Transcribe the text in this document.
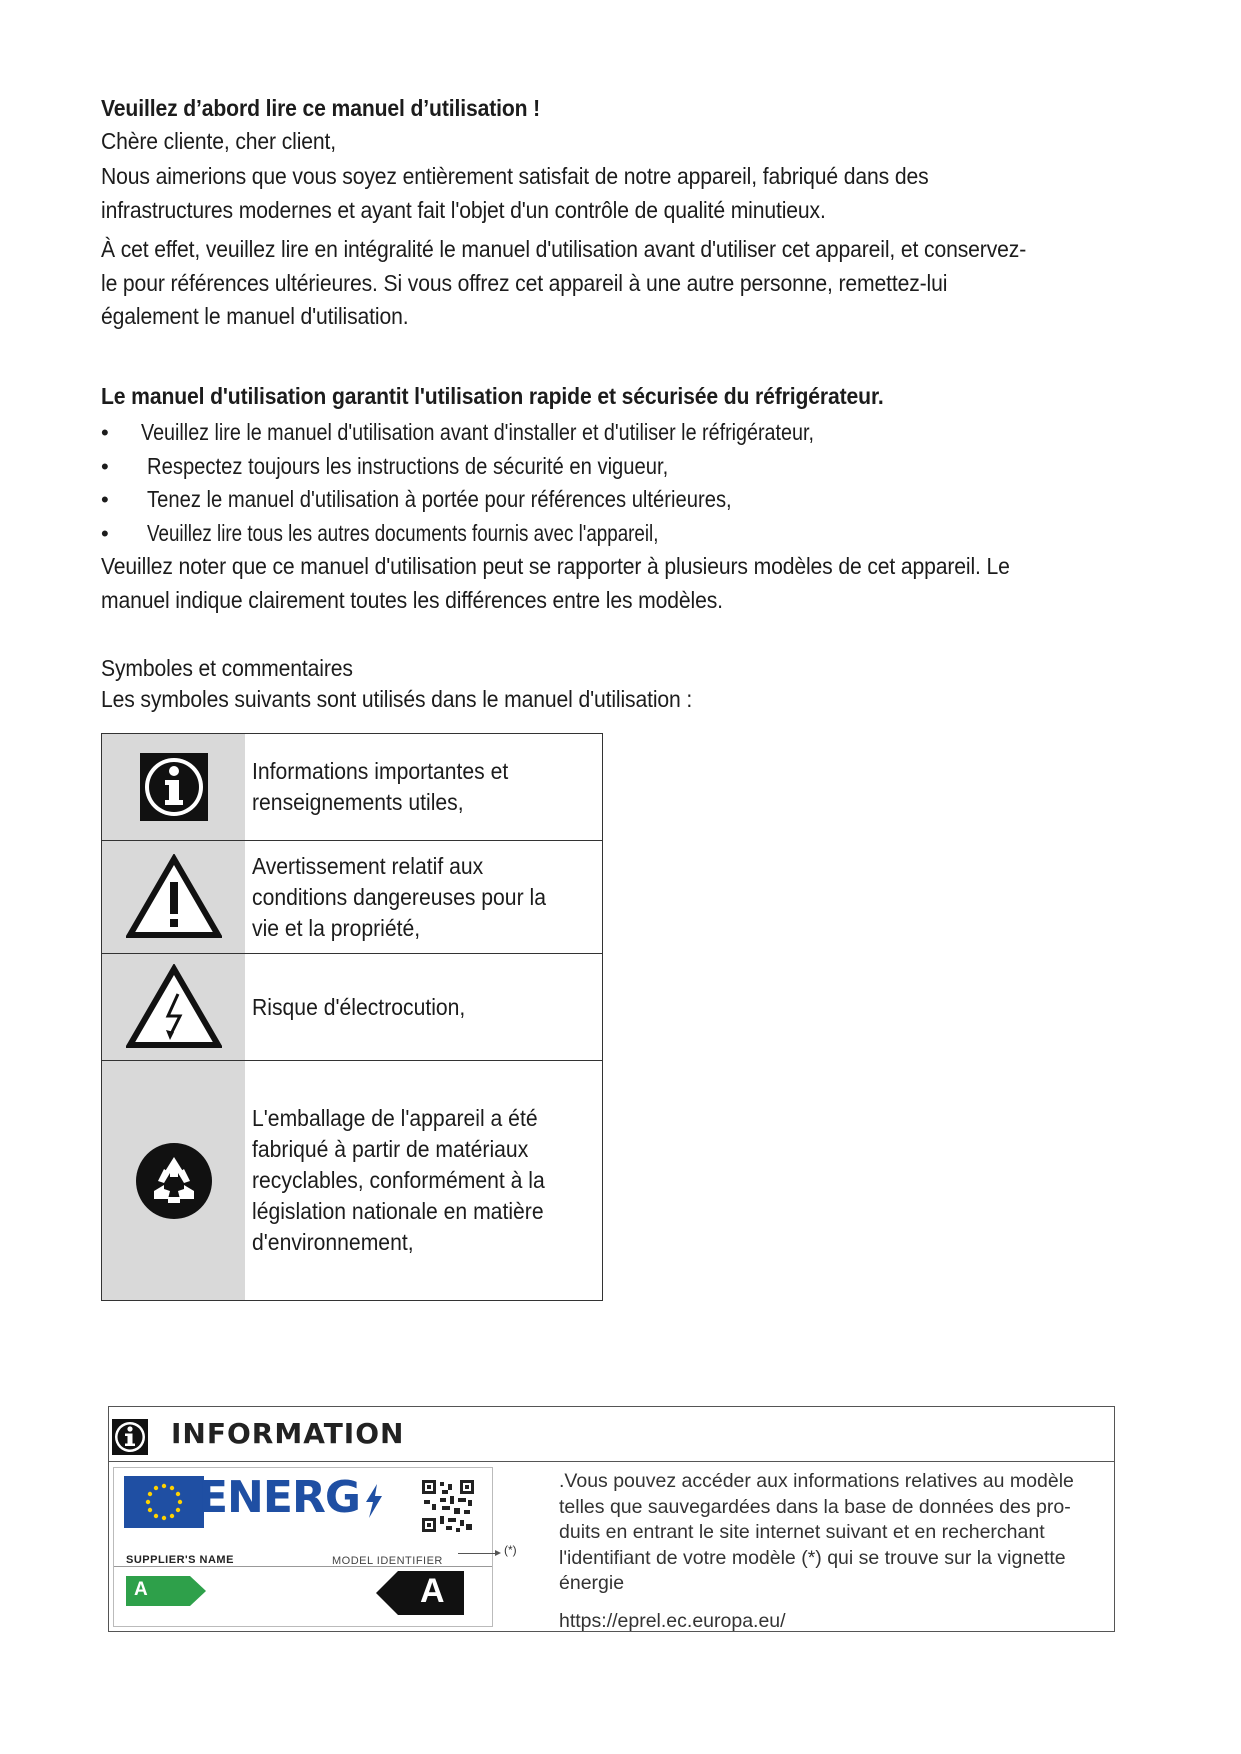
Veuillez d’abord lire ce manuel d’utilisation !
Chère cliente, cher client,
Nous aimerions que vous soyez entièrement satisfait de notre appareil, fabriqué dans des infrastructures modernes et ayant fait l'objet d'un contrôle de qualité minutieux.
À cet effet, veuillez lire en intégralité le manuel d'utilisation avant d'utiliser cet appareil, et conservez-le pour références ultérieures. Si vous offrez cet appareil à une autre personne, remettez-lui également le manuel d'utilisation.
Le manuel d'utilisation garantit l'utilisation rapide et sécurisée du réfrigérateur.
• Veuillez lire le manuel d'utilisation avant d'installer et d'utiliser le réfrigérateur,
• Respectez toujours les instructions de sécurité en vigueur,
• Tenez le manuel d'utilisation à portée pour références ultérieures,
• Veuillez lire tous les autres documents fournis avec l'appareil,
Veuillez noter que ce manuel d'utilisation peut se rapporter à plusieurs modèles de cet appareil. Le manuel indique clairement toutes les différences entre les modèles.
Symboles et commentaires
Les symboles suivants sont utilisés dans le manuel d'utilisation :
Informations importantes et renseignements utiles,
Avertissement relatif aux conditions dangereuses pour la vie et la propriété,
Risque d'électrocution,
L'emballage de l'appareil a été fabriqué à partir de matériaux recyclables, conformément à la législation nationale en matière d'environnement,
INFORMATION
ENERG
SUPPLIER'S NAME	MODEL IDENTIFIER
A	A
(*)
.Vous pouvez accéder aux informations relatives au modèle telles que sauvegardées dans la base de données des pro-duits en entrant le site internet suivant et en recherchant l'identifiant de votre modèle (*) qui se trouve sur la vignette énergie
https://eprel.ec.europa.eu/
